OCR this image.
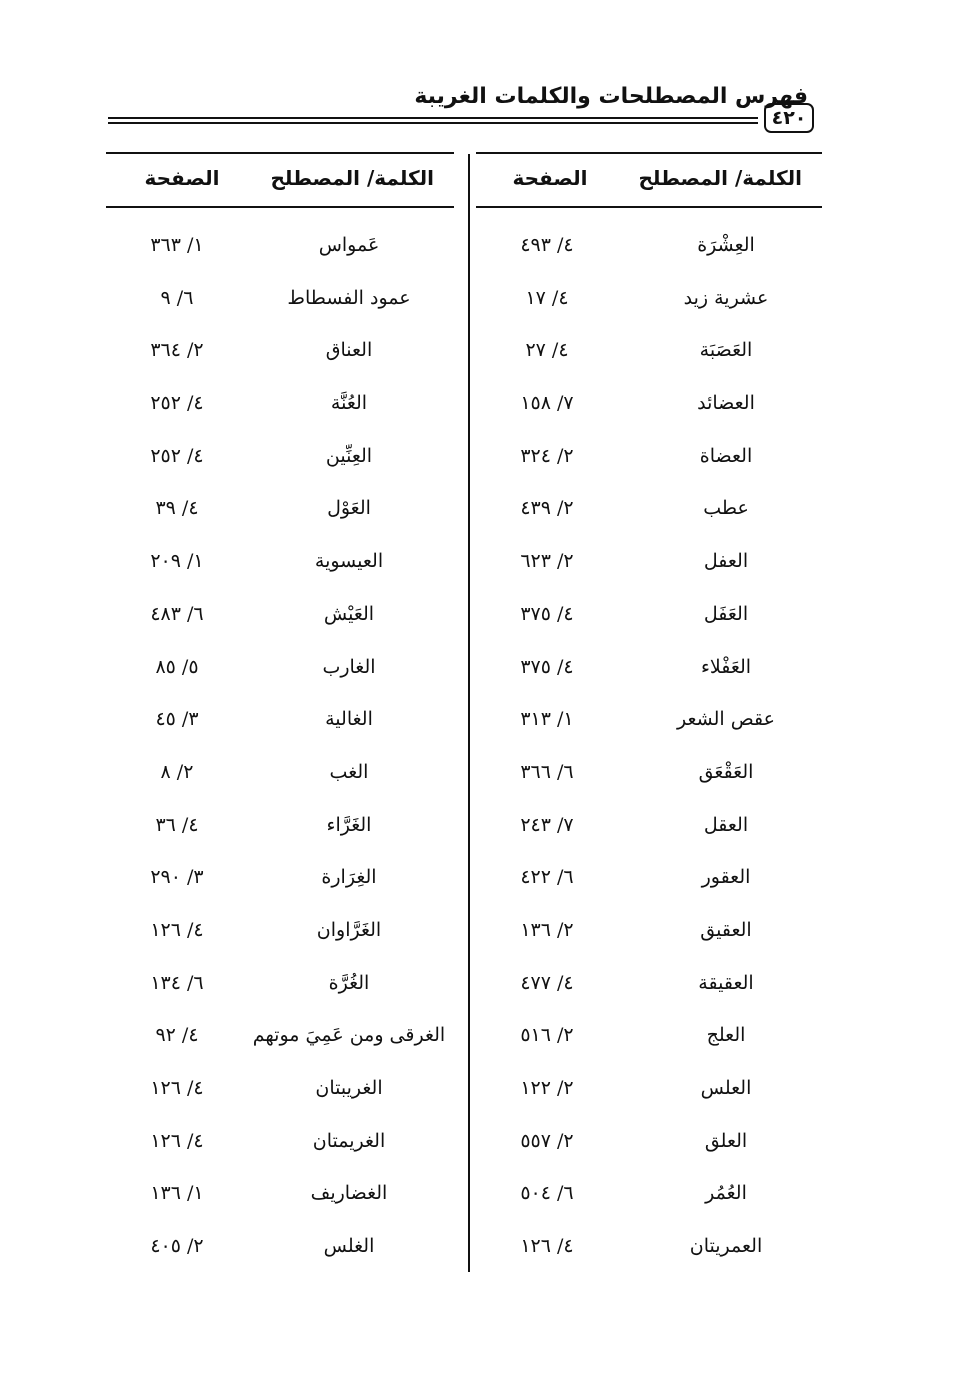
فهرس المصطلحات والكلمات الغريبة
٤٢٠
الكلمة/ المصطلح
الصفحة
العِشْرَة
٤/ ٤٩٣
عشرية زيد
٤/ ١٧
العَصَبَة
٤/ ٢٧
العضائد
٧/ ١٥٨
العضاة
٢/ ٣٢٤
عطب
٢/ ٤٣٩
العفل
٢/ ٦٢٣
العَفَل
٤/ ٣٧٥
العَفْلاء
٤/ ٣٧٥
عقص الشعر
١/ ٣١٣
العَقْعَق
٦/ ٣٦٦
العقل
٧/ ٢٤٣
العقور
٦/ ٤٢٢
العقيق
٢/ ١٣٦
العقيقة
٤/ ٤٧٧
العلج
٢/ ٥١٦
العلس
٢/ ١٢٢
العلق
٢/ ٥٥٧
العُمُر
٦/ ٥٠٤
العمريتان
٤/ ١٢٦
الكلمة/ المصطلح
الصفحة
عَمواس
١/ ٣٦٣
عمود الفسطاط
٦/ ٩
العناق
٢/ ٣٦٤
العُنَّة
٤/ ٢٥٢
العِنِّين
٤/ ٢٥٢
العَوْل
٤/ ٣٩
العيسوية
١/ ٢٠٩
العَيْش
٦/ ٤٨٣
الغارب
٥/ ٨٥
الغالية
٣/ ٤٥
الغب
٢/ ٨
الغَرَّاء
٤/ ٣٦
الغِرَارة
٣/ ٢٩٠
الغَرَّاوان
٤/ ١٢٦
الغُرَّة
٦/ ١٣٤
الغرقى ومن عَمِيَ موتهم
٤/ ٩٢
الغريبتان
٤/ ١٢٦
الغريمتان
٤/ ١٢٦
الغضاريف
١/ ١٣٦
الغلس
٢/ ٤٠٥
